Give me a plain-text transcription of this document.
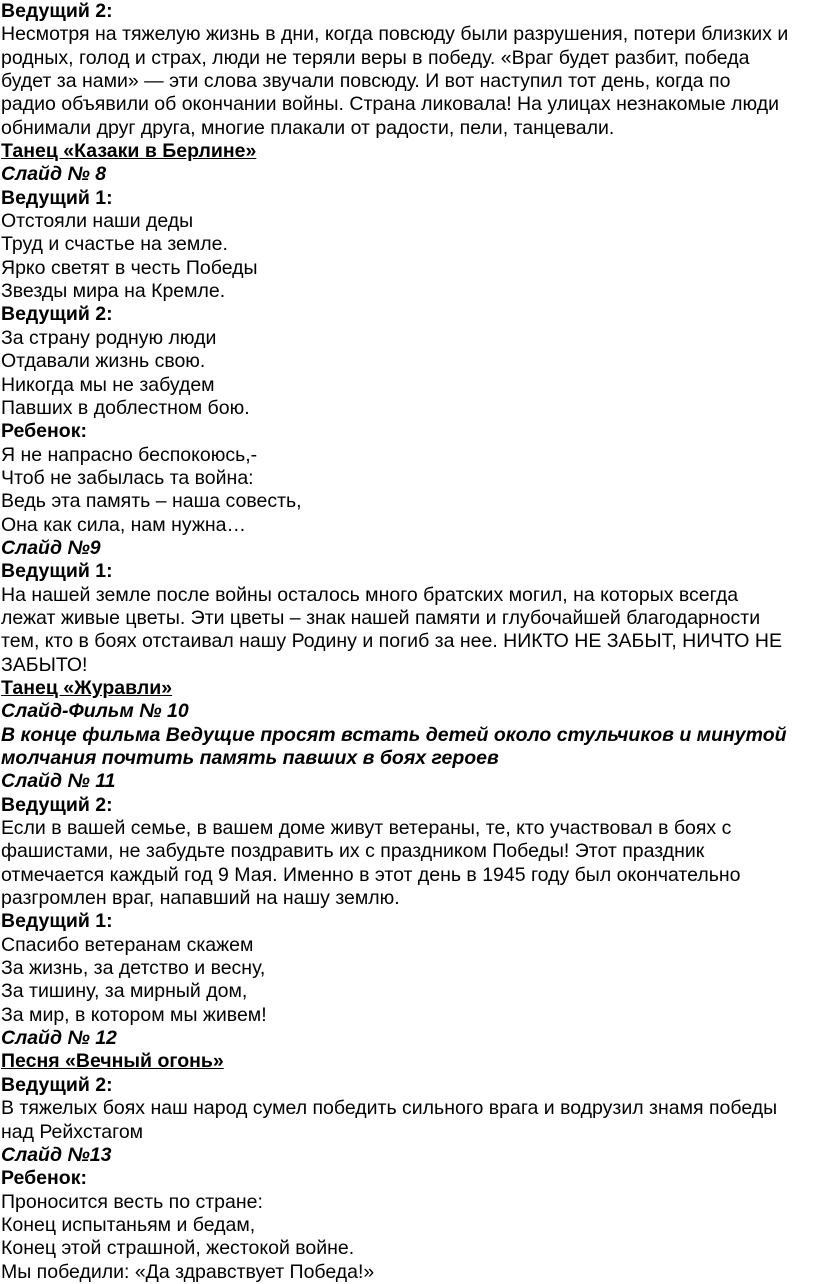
Ведущий 2:
Несмотря на тяжелую жизнь в дни, когда повсюду были разрушения, потери близких и
родных, голод и страх, люди не теряли веры в победу. «Враг будет разбит, победа
будет за нами» — эти слова звучали повсюду. И вот наступил тот день, когда по
радио объявили об окончании войны. Страна ликовала! На улицах незнакомые люди
обнимали друг друга, многие плакали от радости, пели, танцевали.
Танец «Казаки в Берлине»
Слайд № 8
Ведущий 1:
Отстояли наши деды
Труд и счастье на земле.
Ярко светят в честь Победы
Звезды мира на Кремле.
Ведущий 2:
За страну родную люди
Отдавали жизнь свою.
Никогда мы не забудем
Павших в доблестном бою.
Ребенок:
Я не напрасно беспокоюсь,-
Чтоб не забылась та война:
Ведь эта память – наша совесть,
Она как сила, нам нужна…
Слайд №9
Ведущий 1:
На нашей земле после войны осталось много братских могил, на которых всегда
лежат живые цветы. Эти цветы – знак нашей памяти и глубочайшей благодарности
тем, кто в боях отстаивал нашу Родину и погиб за нее. НИКТО НЕ ЗАБЫТ, НИЧТО НЕ
ЗАБЫТО!
Танец «Журавли»
Слайд-Фильм № 10
В конце фильма Ведущие просят встать детей около стульчиков и минутой
молчания почтить память павших в боях героев
Слайд № 11
Ведущий 2:
Если в вашей семье, в вашем доме живут ветераны, те, кто участвовал в боях с
фашистами, не забудьте поздравить их с праздником Победы! Этот праздник
отмечается каждый год 9 Мая. Именно в этот день в 1945 году был окончательно
разгромлен враг, напавший на нашу землю.
Ведущий 1:
Спасибо ветеранам скажем
За жизнь, за детство и весну,
За тишину, за мирный дом,
За мир, в котором мы живем!
Слайд № 12
Песня «Вечный огонь»
Ведущий 2:
В тяжелых боях наш народ сумел победить сильного врага и водрузил знамя победы
над Рейхстагом
Слайд №13
Ребенок:
Проносится весть по стране:
Конец испытаньям и бедам,
Конец этой страшной, жестокой войне.
Мы победили: «Да здравствует Победа!»
